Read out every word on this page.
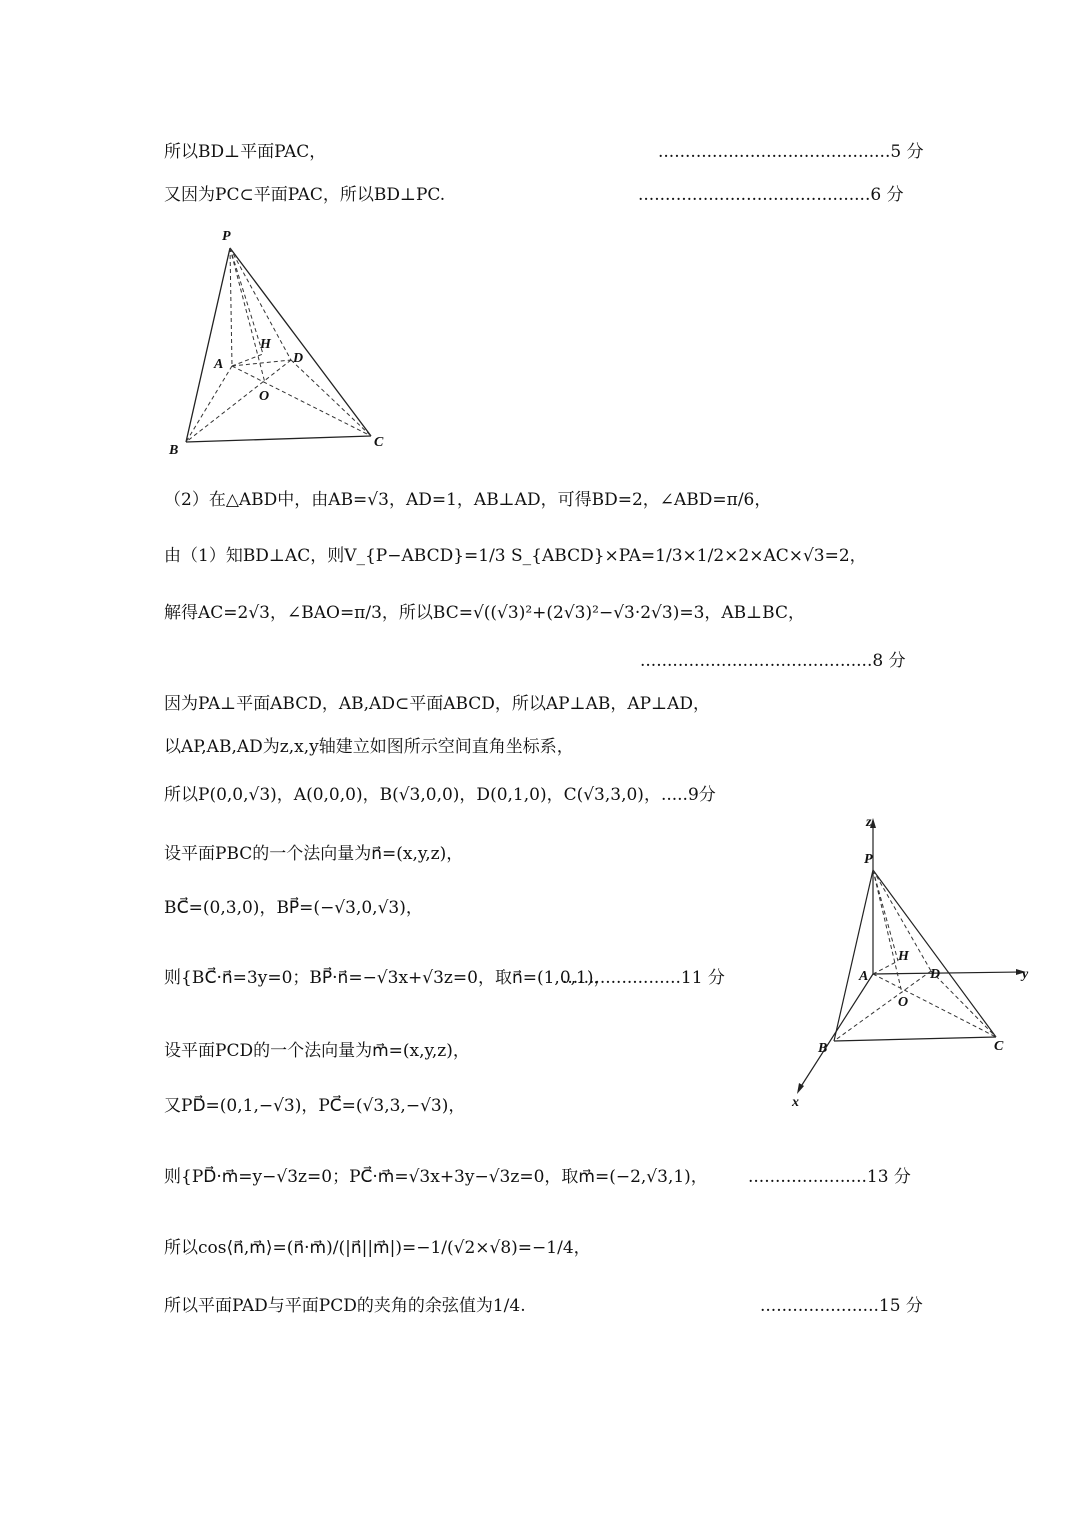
所以BD⊥平面PAC，
又因为PC⊂平面PAC，所以BD⊥PC.
（2）在△ABD中，由AB=√3，AD=1，AB⊥AD，可得BD=2，∠ABD=π/6，
由（1）知BD⊥AC，则V_{P−ABCD}=1/3 S_{ABCD}×PA=1/3×1/2×2×AC×√3=2，
解得AC=2√3，∠BAO=π/3，所以BC=√((√3)²+(2√3)²−√3·2√3)=3，AB⊥BC，
因为PA⊥平面ABCD，AB,AD⊂平面ABCD，所以AP⊥AB，AP⊥AD，
以AP,AB,AD为z,x,y轴建立如图所示空间直角坐标系，
所以P(0,0,√3)，A(0,0,0)，B(√3,0,0)，D(0,1,0)，C(√3,3,0)，.....9分
设平面PBC的一个法向量为n⃗=(x,y,z)，
BC⃗=(0,3,0)，BP⃗=(−√3,0,√3)，
则{BC⃗·n⃗=3y=0；BP⃗·n⃗=−√3x+√3z=0，取n⃗=(1,0,1)，
设平面PCD的一个法向量为m⃗=(x,y,z)，
又PD⃗=(0,1,−√3)，PC⃗=(√3,3,−√3)，
则{PD⃗·m⃗=y−√3z=0；PC⃗·m⃗=√3x+3y−√3z=0，取m⃗=(−2,√3,1)，
所以cos⟨n⃗,m⃗⟩=(n⃗·m⃗)/(|n⃗||m⃗|)=−1/(√2×√8)=−1/4，
所以平面PAD与平面PCD的夹角的余弦值为1/4.
...........................................5 分
...........................................6 分
...........................................8 分
......................11 分
......................13 分
......................15 分
P
A
H
D
O
B
C
z
P
H
A	D
O
y
B	C
x
